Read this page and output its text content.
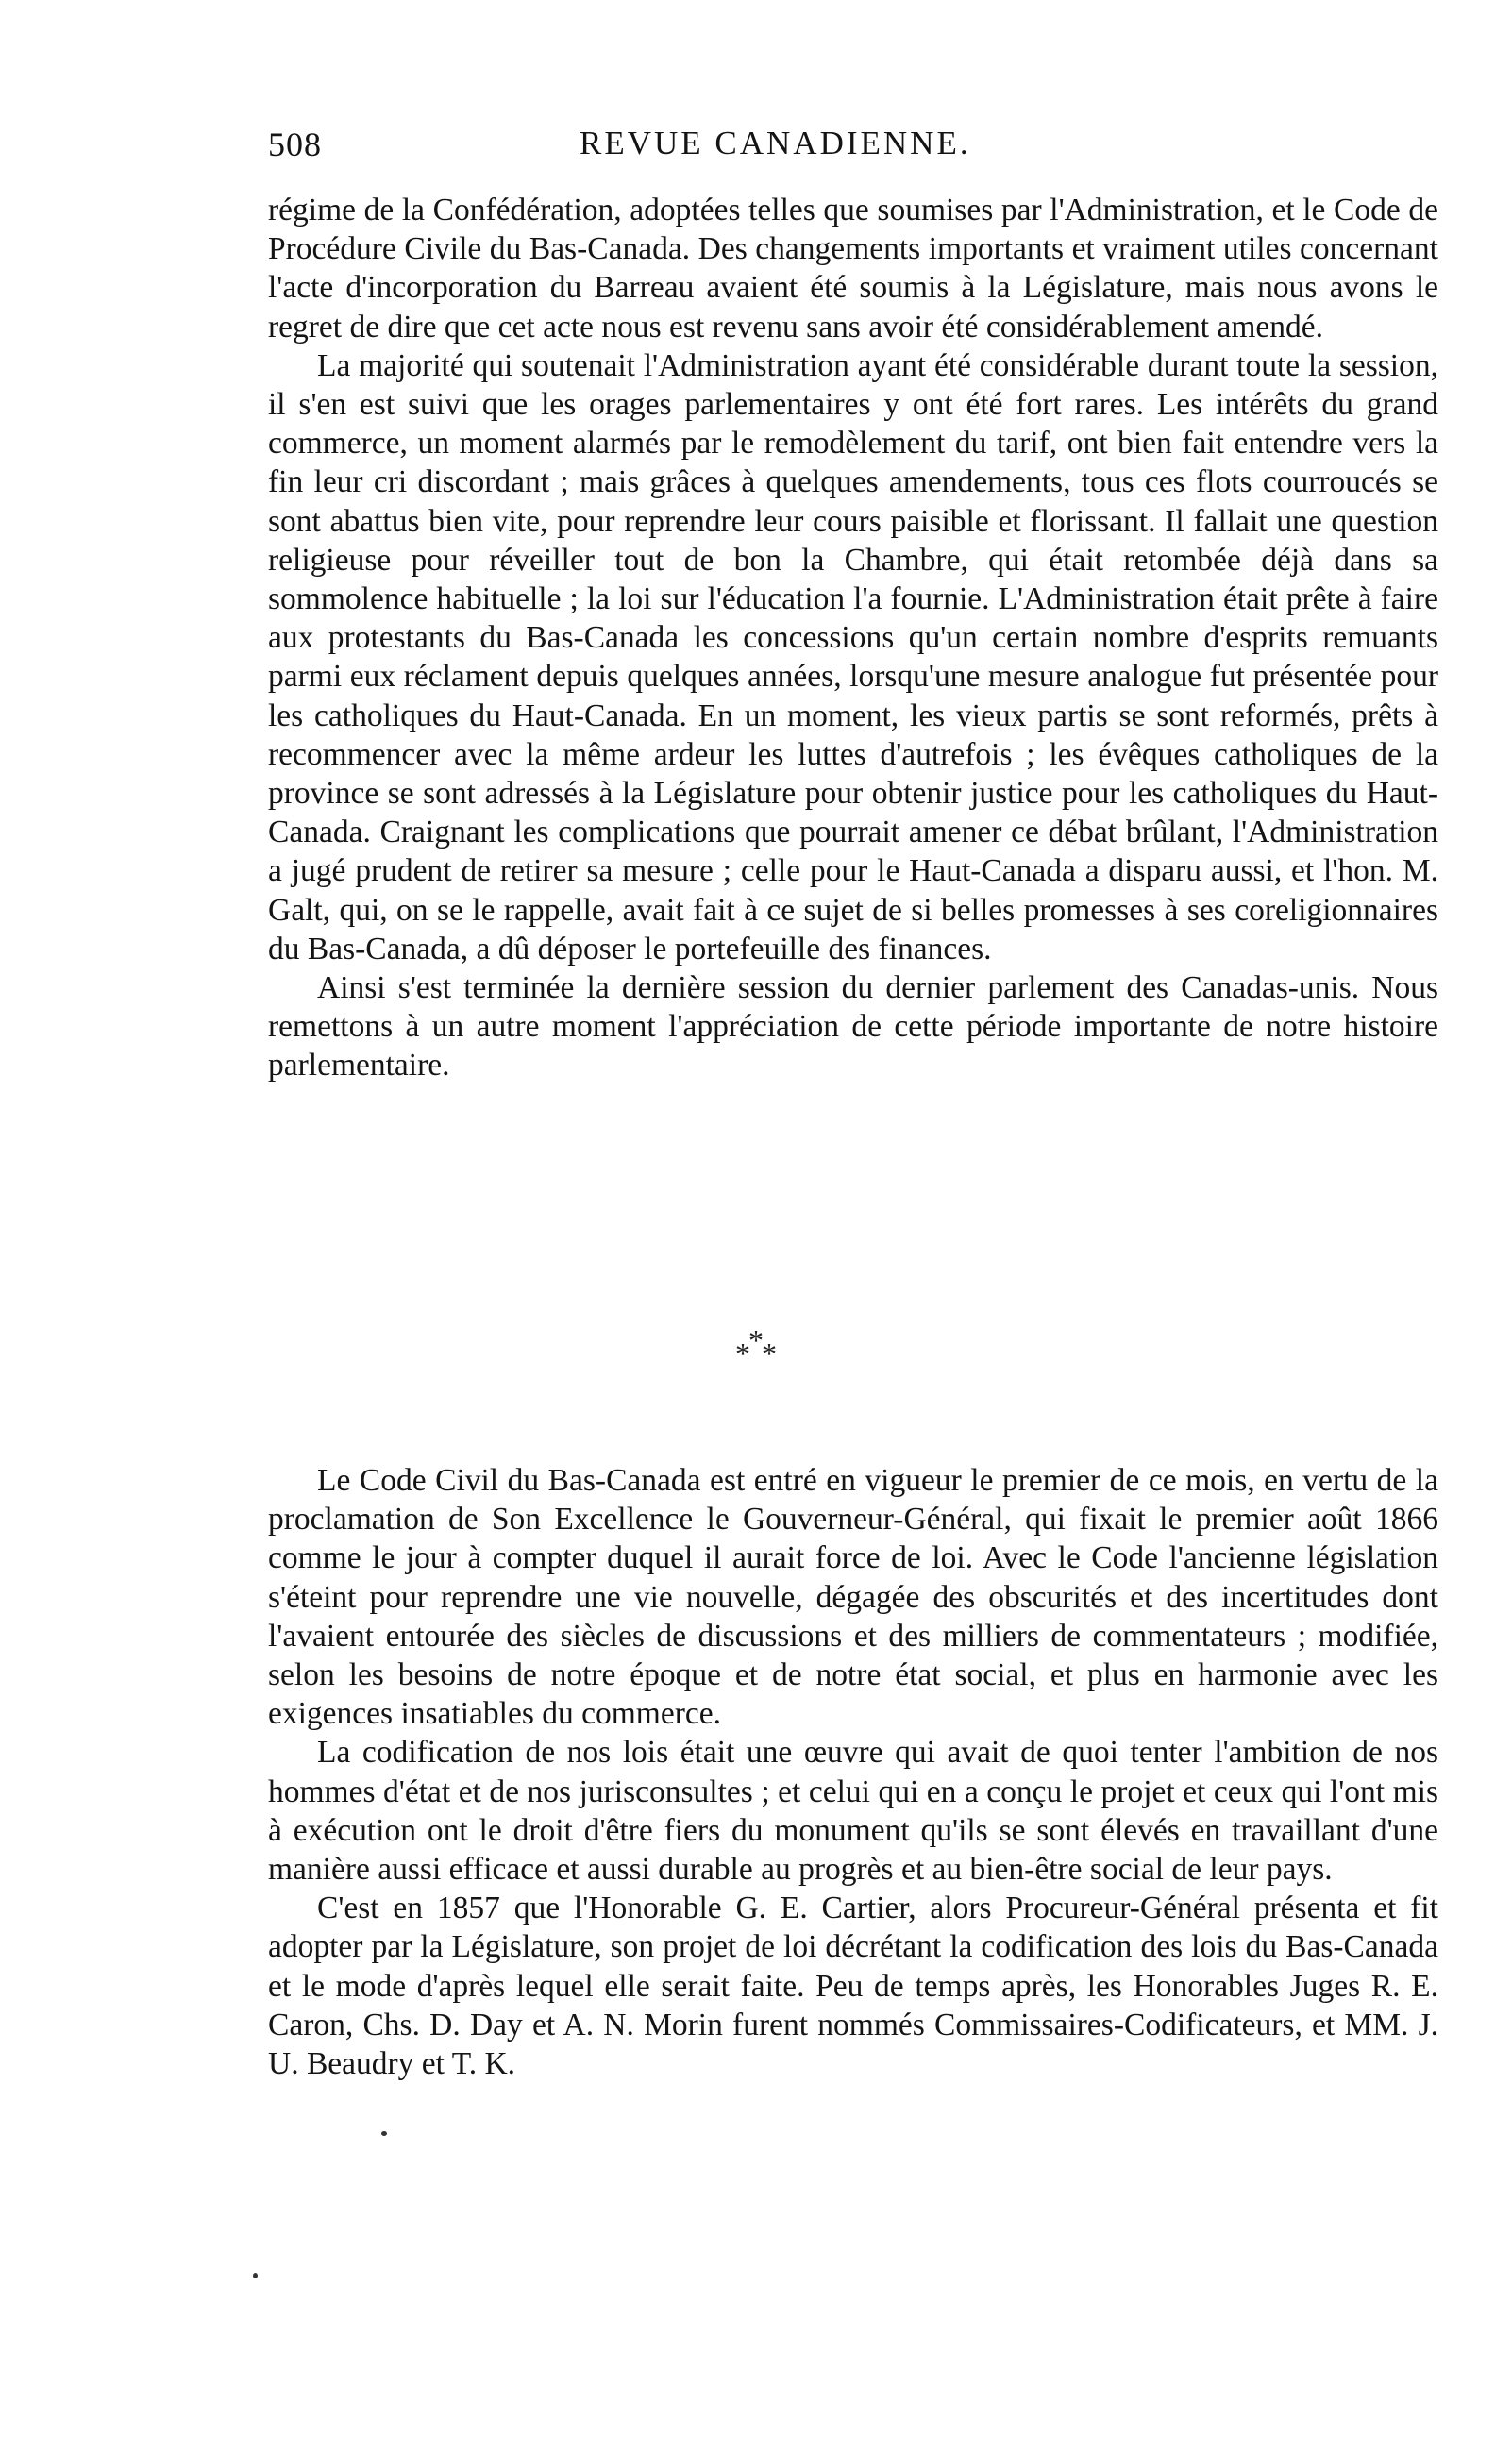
508	REVUE CANADIENNE.

régime de la Confédération, adoptées telles que soumises par l'Administration, et le Code de Procédure Civile du Bas-Canada. Des changements importants et vraiment utiles concernant l'acte d'incorporation du Barreau avaient été soumis à la Législature, mais nous avons le regret de dire que cet acte nous est revenu sans avoir été considérablement amendé.

La majorité qui soutenait l'Administration ayant été considérable durant toute la session, il s'en est suivi que les orages parlementaires y ont été fort rares. Les intérêts du grand commerce, un moment alarmés par le remodèlement du tarif, ont bien fait entendre vers la fin leur cri discordant ; mais grâces à quelques amendements, tous ces flots courroucés se sont abattus bien vite, pour reprendre leur cours paisible et florissant. Il fallait une question religieuse pour réveiller tout de bon la Chambre, qui était retombée déjà dans sa sommolence habituelle ; la loi sur l'éducation l'a fournie. L'Administration était prête à faire aux protestants du Bas-Canada les concessions qu'un certain nombre d'esprits remuants parmi eux réclament depuis quelques années, lorsqu'une mesure analogue fut présentée pour les catholiques du Haut-Canada. En un moment, les vieux partis se sont reformés, prêts à recommencer avec la même ardeur les luttes d'autrefois ; les évêques catholiques de la province se sont adressés à la Législature pour obtenir justice pour les catholiques du Haut-Canada. Craignant les complications que pourrait amener ce débat brûlant, l'Administration a jugé prudent de retirer sa mesure ; celle pour le Haut-Canada a disparu aussi, et l'hon. M. Galt, qui, on se le rappelle, avait fait à ce sujet de si belles promesses à ses coreligionnaires du Bas-Canada, a dû déposer le portefeuille des finances.

Ainsi s'est terminée la dernière session du dernier parlement des Canadas-unis. Nous remettons à un autre moment l'appréciation de cette période importante de notre histoire parlementaire.

***

Le Code Civil du Bas-Canada est entré en vigueur le premier de ce mois, en vertu de la proclamation de Son Excellence le Gouverneur-Général, qui fixait le premier août 1866 comme le jour à compter duquel il aurait force de loi. Avec le Code l'ancienne législation s'éteint pour reprendre une vie nouvelle, dégagée des obscurités et des incertitudes dont l'avaient entourée des siècles de discussions et des milliers de commentateurs ; modifiée, selon les besoins de notre époque et de notre état social, et plus en harmonie avec les exigences insatiables du commerce.

La codification de nos lois était une œuvre qui avait de quoi tenter l'ambition de nos hommes d'état et de nos jurisconsultes ; et celui qui en a conçu le projet et ceux qui l'ont mis à exécution ont le droit d'être fiers du monument qu'ils se sont élevés en travaillant d'une manière aussi efficace et aussi durable au progrès et au bien-être social de leur pays.

C'est en 1857 que l'Honorable G. E. Cartier, alors Procureur-Général présenta et fit adopter par la Législature, son projet de loi décrétant la codification des lois du Bas-Canada et le mode d'après lequel elle serait faite. Peu de temps après, les Honorables Juges R. E. Caron, Chs. D. Day et A. N. Morin furent nommés Commissaires-Codificateurs, et MM. J. U. Beaudry et T. K.
